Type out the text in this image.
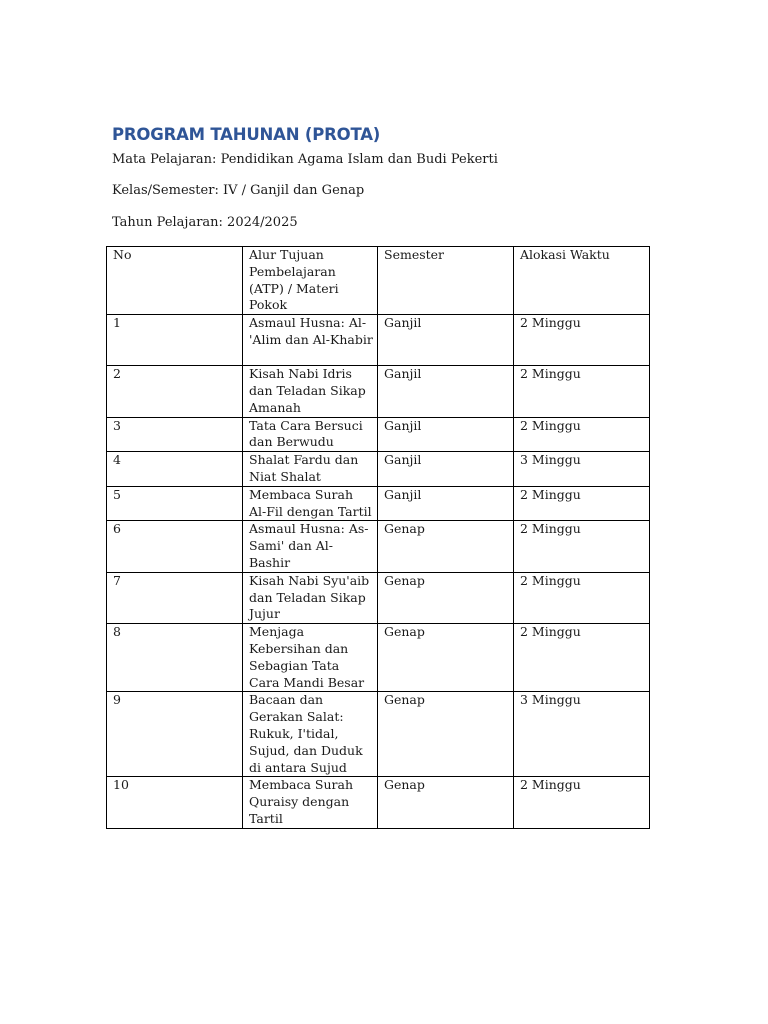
PROGRAM TAHUNAN (PROTA)

Mata Pelajaran: Pendidikan Agama Islam dan Budi Pekerti

Kelas/Semester: IV / Ganjil dan Genap

Tahun Pelajaran: 2024/2025

No	Alur Tujuan Pembelajaran (ATP) / Materi Pokok	Semester	Alokasi Waktu
1	Asmaul Husna: Al-'Alim dan Al-Khabir	Ganjil	2 Minggu
2	Kisah Nabi Idris dan Teladan Sikap Amanah	Ganjil	2 Minggu
3	Tata Cara Bersuci dan Berwudu	Ganjil	2 Minggu
4	Shalat Fardu dan Niat Shalat	Ganjil	3 Minggu
5	Membaca Surah Al-Fil dengan Tartil	Ganjil	2 Minggu
6	Asmaul Husna: As-Sami' dan Al-Bashir	Genap	2 Minggu
7	Kisah Nabi Syu'aib dan Teladan Sikap Jujur	Genap	2 Minggu
8	Menjaga Kebersihan dan Sebagian Tata Cara Mandi Besar	Genap	2 Minggu
9	Bacaan dan Gerakan Salat: Rukuk, I'tidal, Sujud, dan Duduk di antara Sujud	Genap	3 Minggu
10	Membaca Surah Quraisy dengan Tartil	Genap	2 Minggu
